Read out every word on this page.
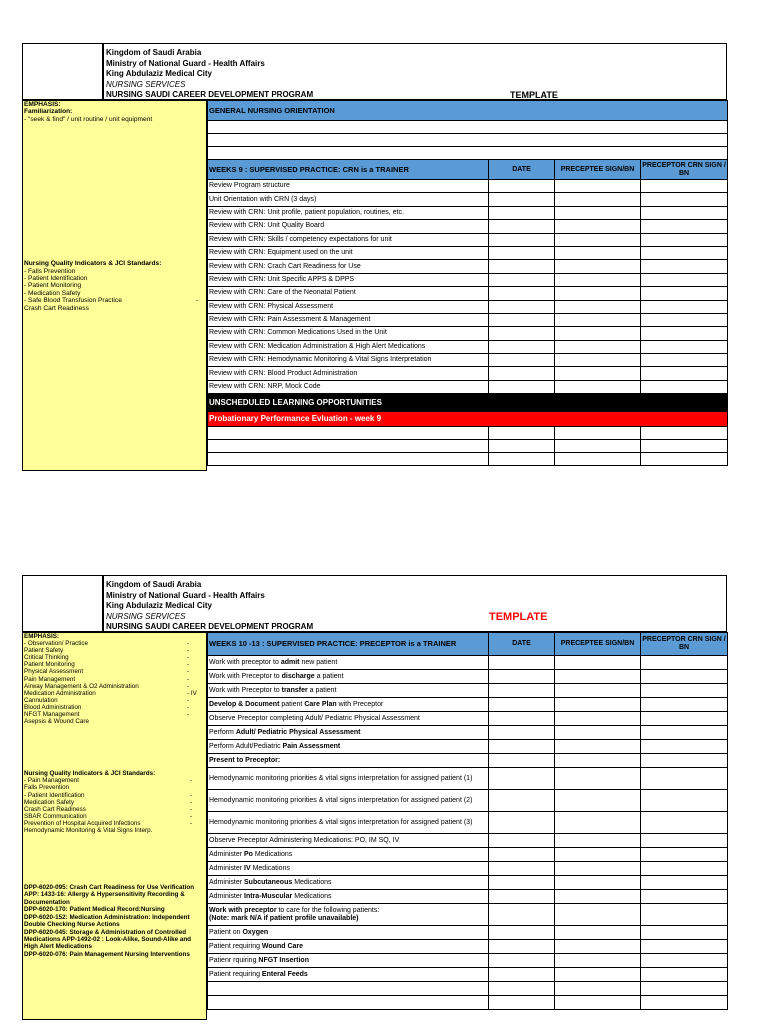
Kingdom of Saudi Arabia
Ministry of National Guard - Health Affairs
King Abdulaziz Medical City
NURSING SERVICES
NURSING SAUDI CAREER DEVELOPMENT PROGRAM	TEMPLATE
EMPHASIS:
Familiarization:
- "seek & find" / unit routine / unit equipment
Nursing Quality Indicators & JCI Standards:
- Falls Prevention
- Patient Identification
- Patient Monitoring
- Medication Safety
- Safe Blood Transfusion Practice	-
Crash Cart Readiness
GENERAL NURSING ORIENTATION			

WEEKS 9 : SUPERVISED PRACTICE: CRN is a TRAINER	DATE	PRECEPTEE SIGN/BN	PRECEPTOR CRN SIGN / BN
Review Program structure			
Unit Orientation with CRN (3 days)			
Review with CRN: Unit profile, patient population, routines, etc.			
Review with CRN: Unit Quality Board			
Review with CRN: Skills / competency expectations for unit			
Review with CRN: Equipment used on the unit			
Review with CRN: Crach Cart Readiness for Use			
Review with CRN: Unit Specific APPS & DPPS			
Review with CRN: Care of the Neonatal Patient			
Review with CRN: Physical Assessment			
Review with CRN: Pain Assessment & Management			
Review with CRN: Common Medications Used in the Unit			
Review with CRN: Medication Administration & High Alert Medications			
Review with CRN: Hemodynamic Monitoring & Vital Signs Interpretation			
Review with CRN: Blood Product Administration			
Review with CRN: NRP, Mock Code			
UNSCHEDULED LEARNING OPPORTUNITIES			
Probationary Performance Evluation - week 9			

Kingdom of Saudi Arabia
Ministry of National Guard - Health Affairs
King Abdulaziz Medical City
NURSING SERVICES
NURSING SAUDI CAREER DEVELOPMENT PROGRAM
TEMPLATE
EMPHASIS:
- Observation/ Practice	-
Patient Safety	-
Critical Thinking	-
Patient Monitoring	-
Physical Assessment	-
Pain Management	-
Airway Management & O2 Administration	-
Medication Administration	- IV
Cannulation	-
Blood Administration	-
NFGT Management	-
Asepsis & Wound Care
Nursing Quality Indicators & JCI Standards:
- Pain Management	-
Falls Prevention
- Patient Identification	-
Medication Safety	-
Crash Cart Readiness	-
SBAR Communication	-
Prevention of Hospital Acquired Infections	-
Hemodynamic Monitoring & Vital Signs Interp.
DPP-6020-095: Crash Cart Readiness for Use Verification
APP: 1433-16: Allergy & Hypersensitivity Recording & Documentation
DPP-6020-170: Patient Medical Record:Nursing
DPP-6020-152: Medication Administration: Independent Double Checking Nurse Actions
DPP-6020-045: Storage & Administration of Controlled Medications APP-1492-02 : Look-Alike, Sound-Alike and High Alert Medications
DPP-6020-076: Pain Management Nursing Interventions
WEEKS 10 -13 : SUPERVISED PRACTICE: PRECEPTOR is a TRAINER	DATE	PRECEPTEE SIGN/BN	PRECEPTOR CRN SIGN / BN
Work with preceptor to admit new patient			
Work with Preceptor to discharge a patient			
Work with Preceptor to transfer a patient			
Develop & Document patient Care Plan with Preceptor			
Observe Preceptor completing Adult/ Pediatric Physical Assessment			
Perform Adult/ Pediatric Physical Assessment			
Perform Adult/Pediatric Pain Assessment			
Present to Preceptor:			
Hemodynamic monitoring priorities & vital signs interpretation for assigned patient (1)			
Hemodynamic monitoring priorities & vital signs interpretation for assigned patient (2)			
Hemodynamic monitoring priorities & vital signs interpretation for assigned patient (3)			
Observe Preceptor Administering Medications: PO, IM SQ, IV			
Administer Po Medications			
Administer IV Medications			
Administer Subcutaneous Medications			
Administer Intra-Muscular Medications			
Work with preceptor to care for the following patients:
(Note: mark N/A if patient profile unavailable)			
Patient on Oxygen			
Patient requiring Wound Care			
Patienr rquiring NFGT Insertion			
Patient requiring Enteral Feeds			
